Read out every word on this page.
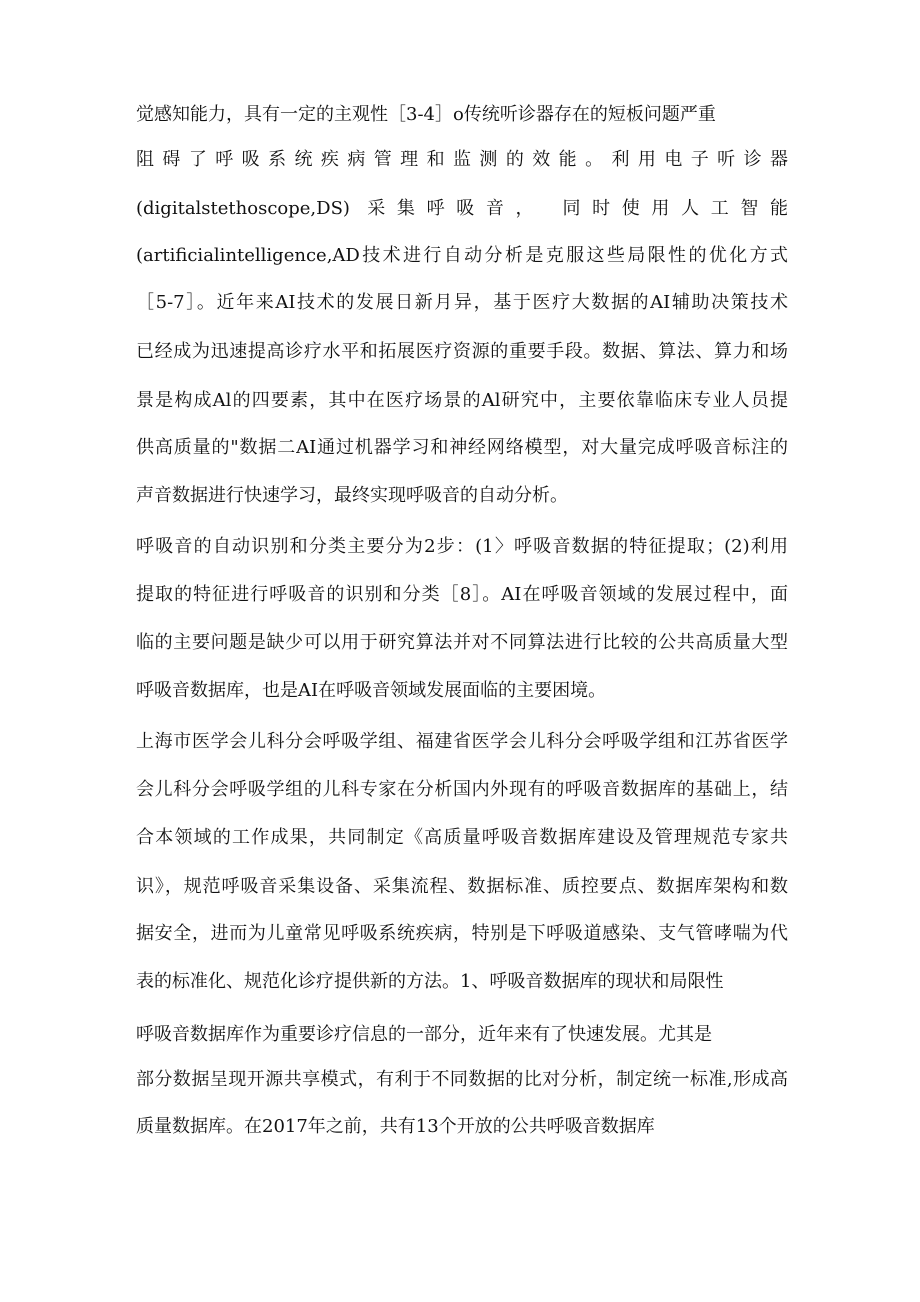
觉感知能力，具有一定的主观性［3-4］o传统听诊器存在的短板问题严重
阻碍了呼吸系统疾病管理和监测的效能。利用电子听诊器
(digitalstethoscope,DS) 采集呼吸音， 同时使用人工智能
(artificialintelligence,AD技术进行自动分析是克服这些局限性的优化方式
［5-7］。近年来AI技术的发展日新月异，基于医疗大数据的AI辅助决策技术
已经成为迅速提高诊疗水平和拓展医疗资源的重要手段。数据、算法、算力和场
景是构成Al的四要素，其中在医疗场景的Al研究中，主要依靠临床专业人员提
供高质量的"数据二AI通过机器学习和神经网络模型，对大量完成呼吸音标注的
声音数据进行快速学习，最终实现呼吸音的自动分析。
呼吸音的自动识别和分类主要分为2步：(1〉呼吸音数据的特征提取；(2)利用
提取的特征进行呼吸音的识别和分类［8］。AI在呼吸音领域的发展过程中，面
临的主要问题是缺少可以用于研究算法并对不同算法进行比较的公共高质量大型
呼吸音数据库，也是AI在呼吸音领域发展面临的主要困境。
上海市医学会儿科分会呼吸学组、福建省医学会儿科分会呼吸学组和江苏省医学
会儿科分会呼吸学组的儿科专家在分析国内外现有的呼吸音数据库的基础上，结
合本领域的工作成果，共同制定《高质量呼吸音数据库建设及管理规范专家共
识》，规范呼吸音采集设备、采集流程、数据标准、质控要点、数据库架构和数
据安全，进而为儿童常见呼吸系统疾病，特别是下呼吸道感染、支气管哮喘为代
表的标准化、规范化诊疗提供新的方法。1、呼吸音数据库的现状和局限性
呼吸音数据库作为重要诊疗信息的一部分，近年来有了快速发展。尤其是
部分数据呈现开源共享模式，有利于不同数据的比对分析，制定统一标准,形成高
质量数据库。在2017年之前，共有13个开放的公共呼吸音数据库
